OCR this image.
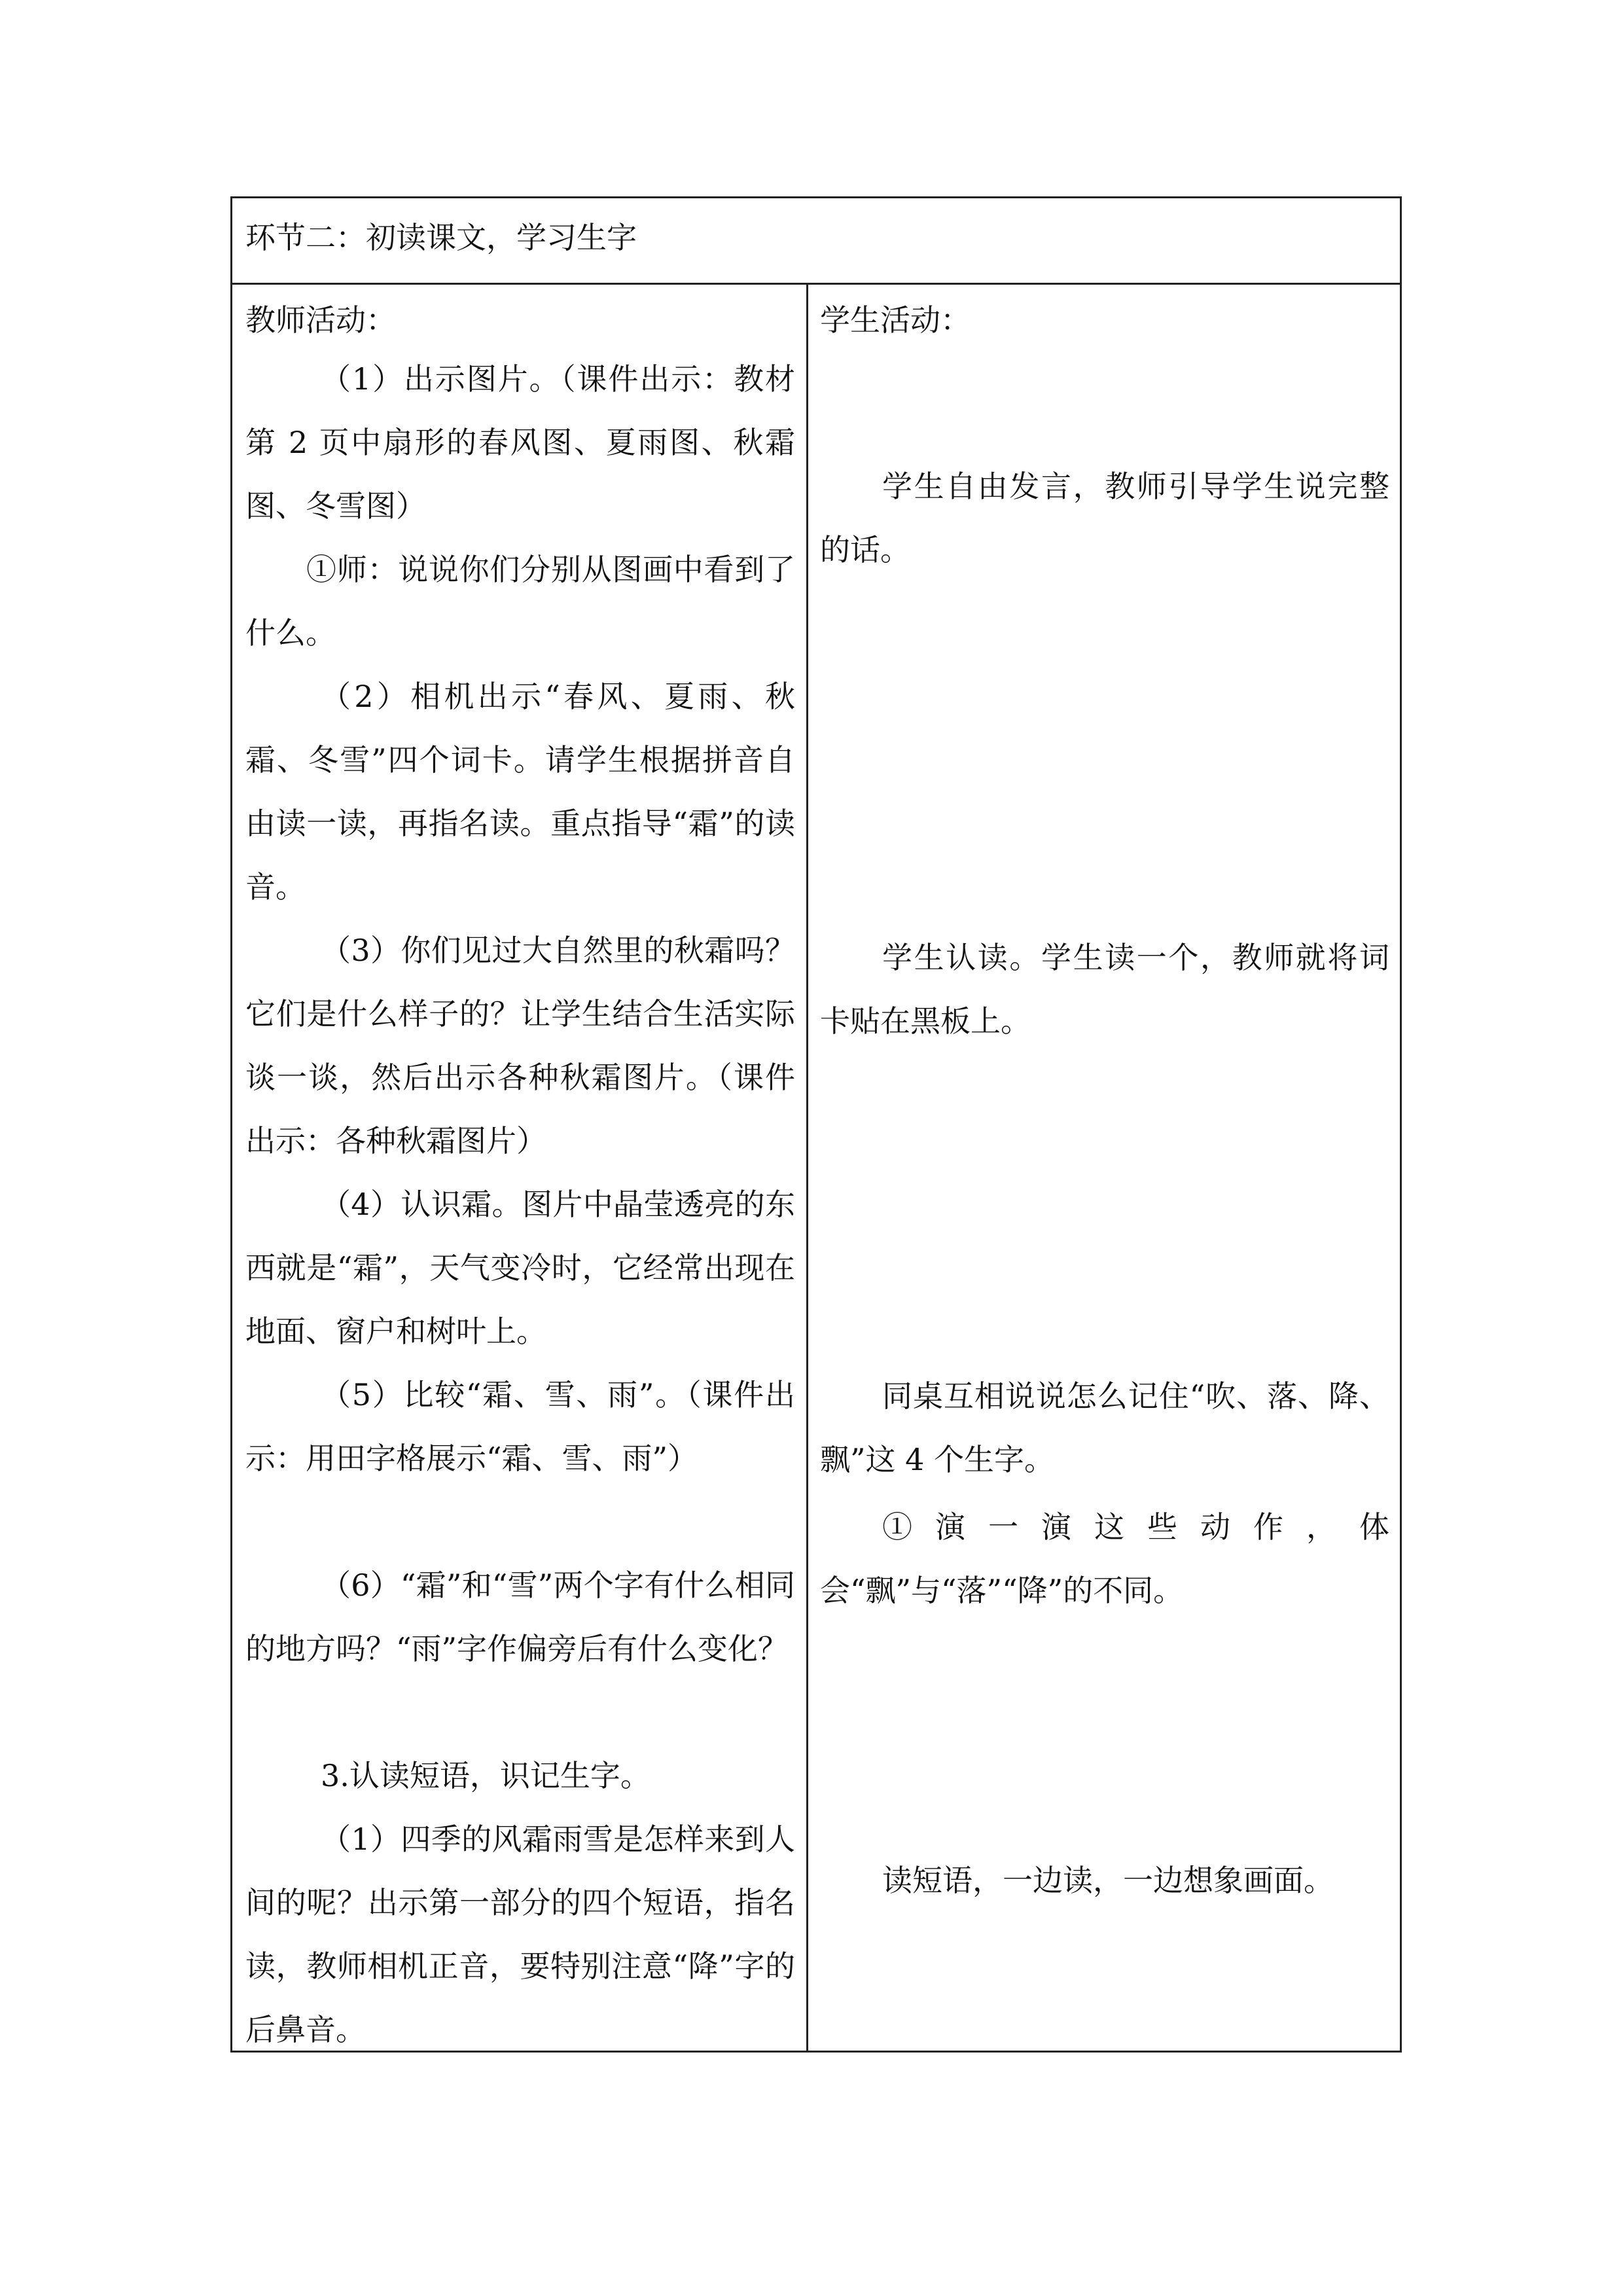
环节二：初读课文，学习生字
教师活动：
（1）出示图片。（课件出示：教材第 2 页中扇形的春风图、夏雨图、秋霜图、冬雪图）
①师：说说你们分别从图画中看到了什么。
（2）相机出示“春风、夏雨、秋霜、冬雪”四个词卡。请学生根据拼音自由读一读，再指名读。重点指导“霜”的读音。
（3）你们见过大自然里的秋霜吗？它们是什么样子的？让学生结合生活实际谈一谈，然后出示各种秋霜图片。（课件出示：各种秋霜图片）
（4）认识霜。图片中晶莹透亮的东西就是“霜”，天气变冷时，它经常出现在地面、窗户和树叶上。
（5）比较“霜、雪、雨”。（课件出示：用田字格展示“霜、雪、雨”）
（6）“霜”和“雪”两个字有什么相同的地方吗？“雨”字作偏旁后有什么变化？
3.认读短语，识记生字。
（1）四季的风霜雨雪是怎样来到人间的呢？出示第一部分的四个短语，指名读，教师相机正音，要特别注意“降”字的后鼻音。
学生活动：
学生自由发言，教师引导学生说完整的话。
学生认读。学生读一个，教师就将词卡贴在黑板上。
同桌互相说说怎么记住“吹、落、降、飘”这 4 个生字。
①演一演这些动作，体会“飘”与“落”“降”的不同。
读短语，一边读，一边想象画面。
